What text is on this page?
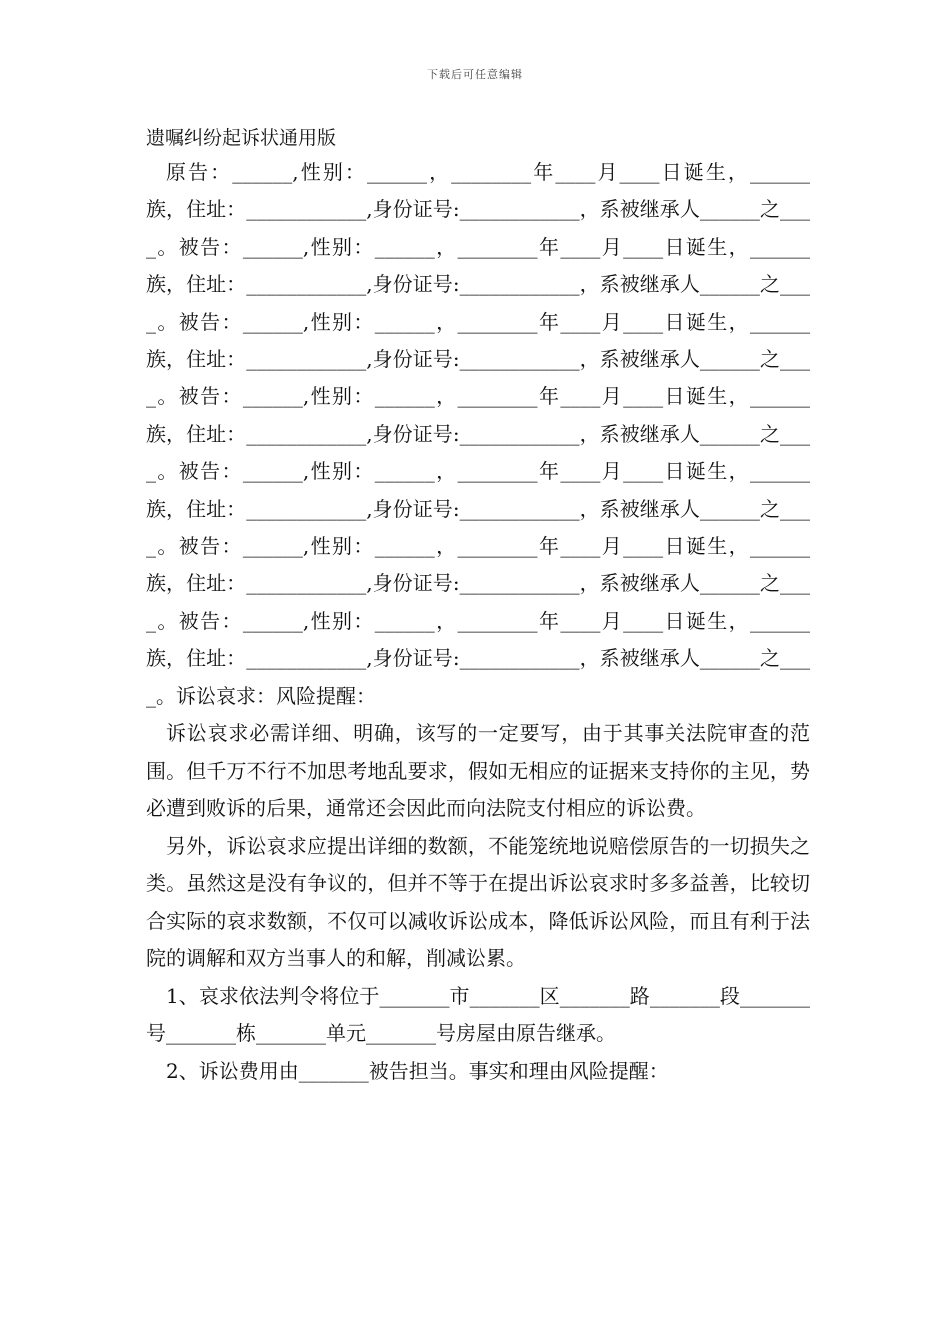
下载后可任意编辑
遗嘱纠纷起诉状通用版

原告：______,性别：______，________年____月____日诞生，______族，住址：____________,身份证号:____________，系被继承人______之____。被告：______,性别：______，________年____月____日诞生，______族，住址：____________,身份证号:____________，系被继承人______之____。被告：______,性别：______，________年____月____日诞生，______族，住址：____________,身份证号:____________，系被继承人______之____。被告：______,性别：______，________年____月____日诞生，______族，住址：____________,身份证号:____________，系被继承人______之____。被告：______,性别：______，________年____月____日诞生，______族，住址：____________,身份证号:____________，系被继承人______之____。被告：______,性别：______，________年____月____日诞生，______族，住址：____________,身份证号:____________，系被继承人______之____。被告：______,性别：______，________年____月____日诞生，______族，住址：____________,身份证号:____________，系被继承人______之____。诉讼哀求：风险提醒：

诉讼哀求必需详细、明确，该写的一定要写，由于其事关法院审查的范围。但千万不行不加思考地乱要求，假如无相应的证据来支持你的主见，势必遭到败诉的后果，通常还会因此而向法院支付相应的诉讼费。

另外，诉讼哀求应提出详细的数额，不能笼统地说赔偿原告的一切损失之类。虽然这是没有争议的，但并不等于在提出诉讼哀求时多多益善，比较切合实际的哀求数额，不仅可以减收诉讼成本，降低诉讼风险，而且有利于法院的调解和双方当事人的和解，削减讼累。

1、哀求依法判令将位于_______市_______区_______路_______段_______号_______栋_______单元_______号房屋由原告继承。

2、诉讼费用由_______被告担当。事实和理由风险提醒：
